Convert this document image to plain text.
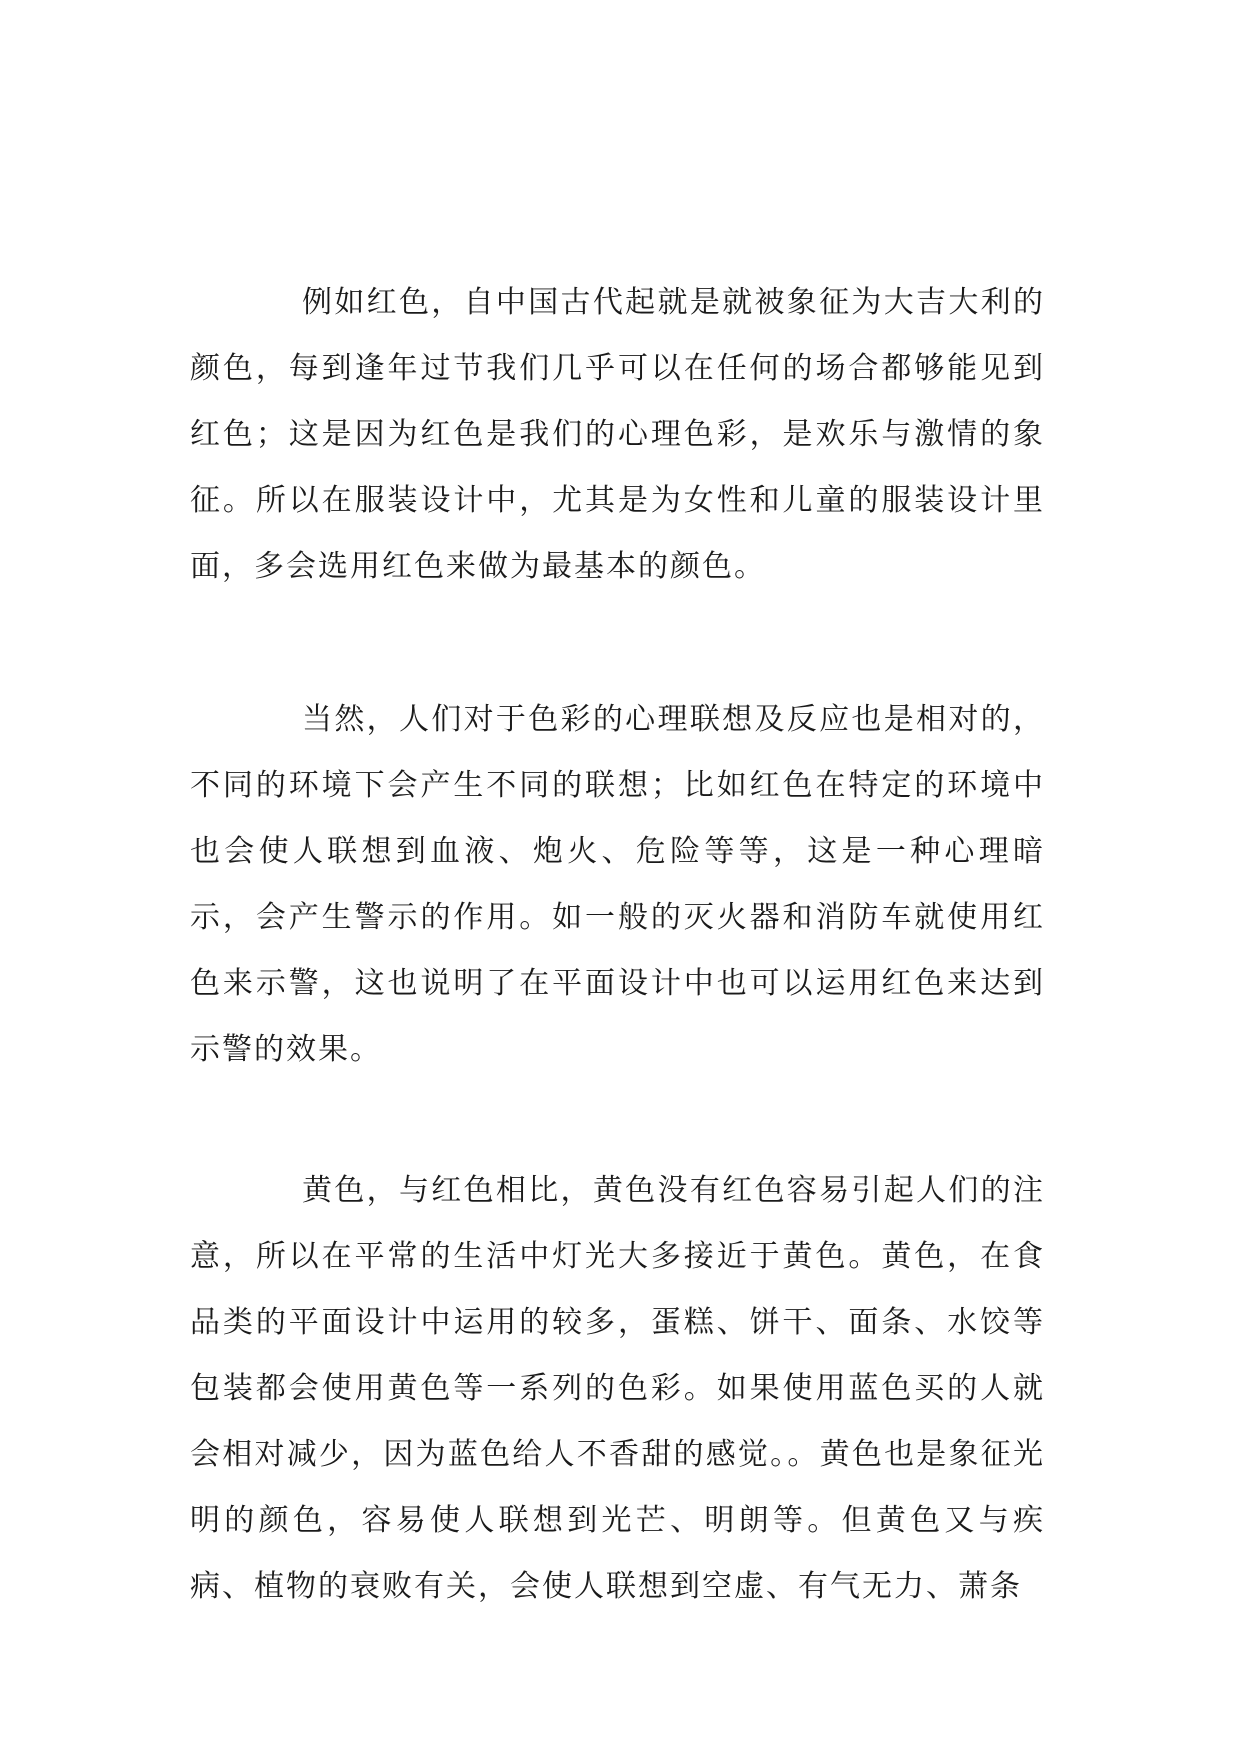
例如红色，自中国古代起就是就被象征为大吉大利的颜色，每到逢年过节我们几乎可以在任何的场合都够能见到红色；这是因为红色是我们的心理色彩，是欢乐与激情的象征。所以在服装设计中，尤其是为女性和儿童的服装设计里面，多会选用红色来做为最基本的颜色。

当然，人们对于色彩的心理联想及反应也是相对的，不同的环境下会产生不同的联想；比如红色在特定的环境中也会使人联想到血液、炮火、危险等等，这是一种心理暗示，会产生警示的作用。如一般的灭火器和消防车就使用红色来示警，这也说明了在平面设计中也可以运用红色来达到示警的效果。

黄色，与红色相比，黄色没有红色容易引起人们的注意，所以在平常的生活中灯光大多接近于黄色。黄色，在食品类的平面设计中运用的较多，蛋糕、饼干、面条、水饺等包装都会使用黄色等一系列的色彩。如果使用蓝色买的人就会相对减少，因为蓝色给人不香甜的感觉。。黄色也是象征光明的颜色，容易使人联想到光芒、明朗等。但黄色又与疾病、植物的衰败有关，会使人联想到空虚、有气无力、萧条
